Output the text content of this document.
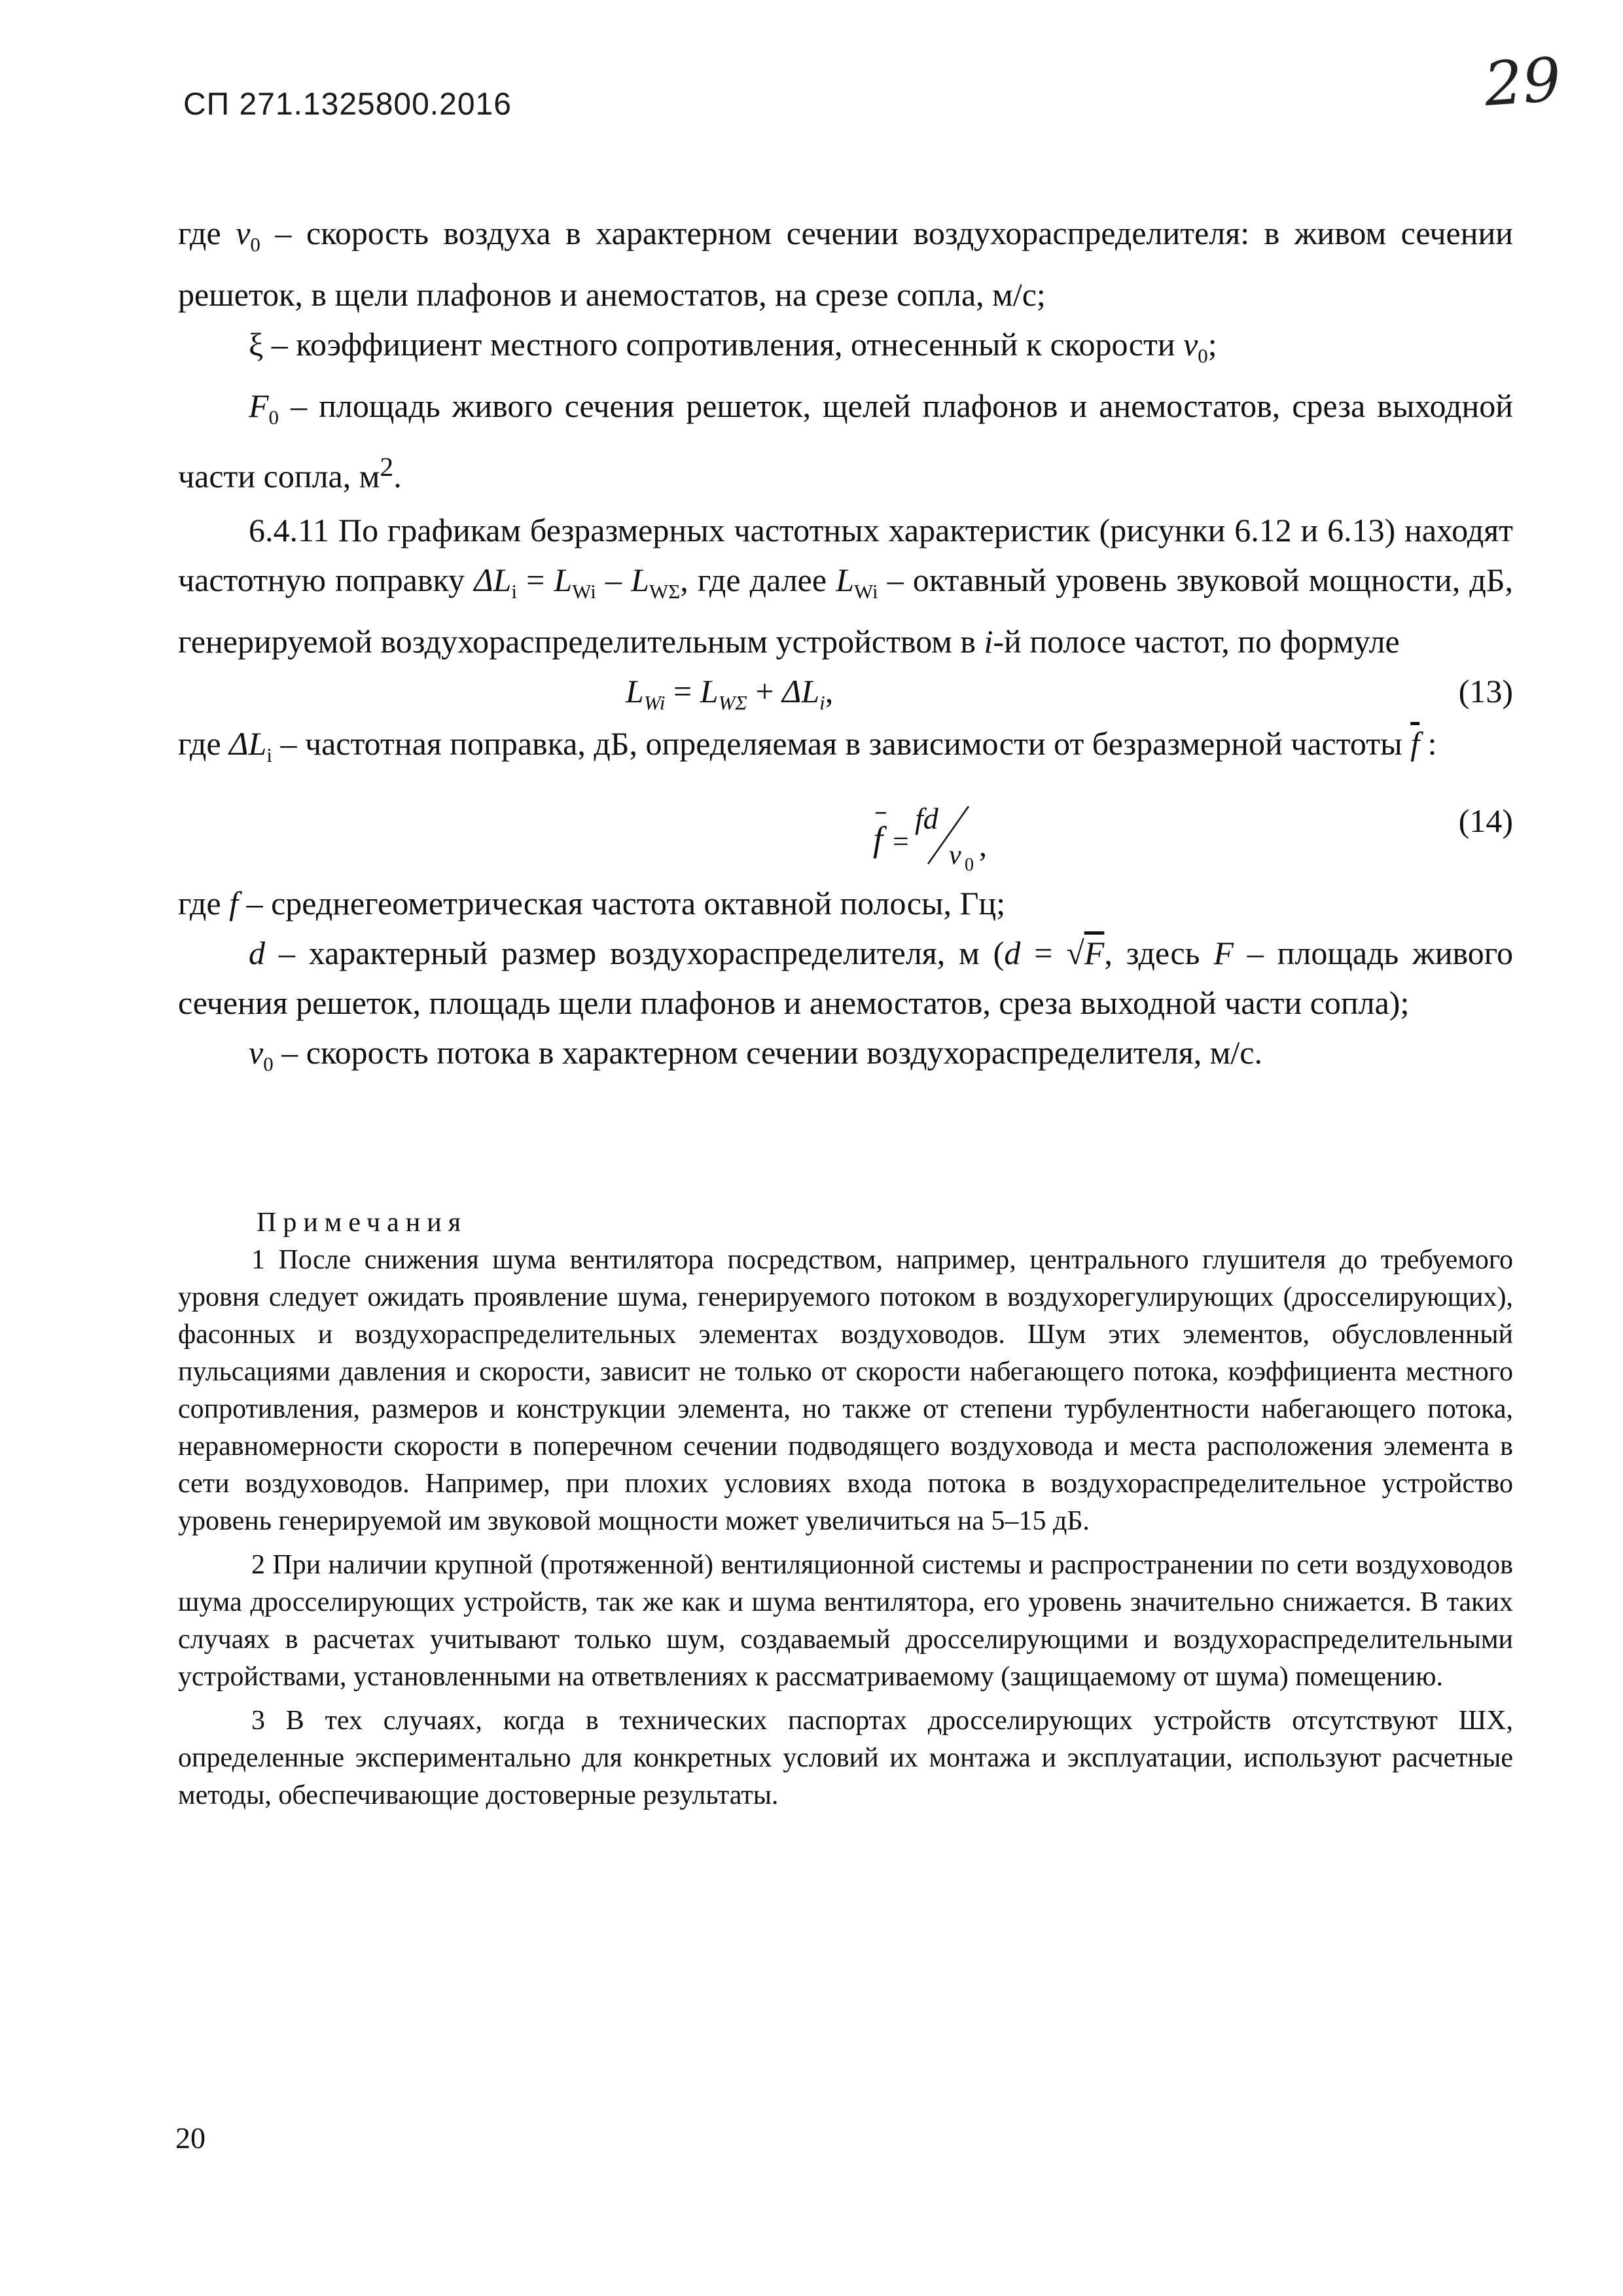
СП 271.1325800.2016	29

где $v_0$ – скорость воздуха в характерном сечении воздухораспределителя: в живом сечении решеток, в щели плафонов и анемостатов, на срезе сопла, м/с;

ξ – коэффициент местного сопротивления, отнесенный к скорости $v_0$;

$F_0$ – площадь живого сечения решеток, щелей плафонов и анемостатов, среза выходной части сопла, $м^2$.

6.4.11 По графикам безразмерных частотных характеристик (рисунки 6.12 и 6.13) находят частотную поправку $\Delta L_i = L_{Wi} - L_{W\Sigma}$, где далее $L_{Wi}$ – октавный уровень звуковой мощности, дБ, генерируемой воздухораспределительным устройством в i-й полосе частот, по формуле

$L_{Wi} = L_{W\Sigma} + \Delta L_i$,	(13)

где $\Delta L_i$ – частотная поправка, дБ, определяемая в зависимости от безразмерной частоты $\overline{f}$ :

f =
fd
v 0
,
(14)

где f – среднегеометрическая частота октавной полосы, Гц;

d – характерный размер воздухораспределителя, м (d = √F, здесь F – площадь живого сечения решеток, площадь щели плафонов и анемостатов, среза выходной части сопла);

$v_0$ – скорость потока в характерном сечении воздухораспределителя, м/с.

Примечания

1 После снижения шума вентилятора посредством, например, центрального глушителя до требуемого уровня следует ожидать проявление шума, генерируемого потоком в воздухорегулирующих (дросселирующих), фасонных и воздухораспределительных элементах воздуховодов. Шум этих элементов, обусловленный пульсациями давления и скорости, зависит не только от скорости набегающего потока, коэффициента местного сопротивления, размеров и конструкции элемента, но также от степени турбулентности набегающего потока, неравномерности скорости в поперечном сечении подводящего воздуховода и места расположения элемента в сети воздуховодов. Например, при плохих условиях входа потока в воздухораспределительное устройство уровень генерируемой им звуковой мощности может увеличиться на 5–15 дБ.

2 При наличии крупной (протяженной) вентиляционной системы и распространении по сети воздуховодов шума дросселирующих устройств, так же как и шума вентилятора, его уровень значительно снижается. В таких случаях в расчетах учитывают только шум, создаваемый дросселирующими и воздухораспределительными устройствами, установленными на ответвлениях к рассматриваемому (защищаемому от шума) помещению.

3 В тех случаях, когда в технических паспортах дросселирующих устройств отсутствуют ШХ, определенные экспериментально для конкретных условий их монтажа и эксплуатации, используют расчетные методы, обеспечивающие достоверные результаты.

20
